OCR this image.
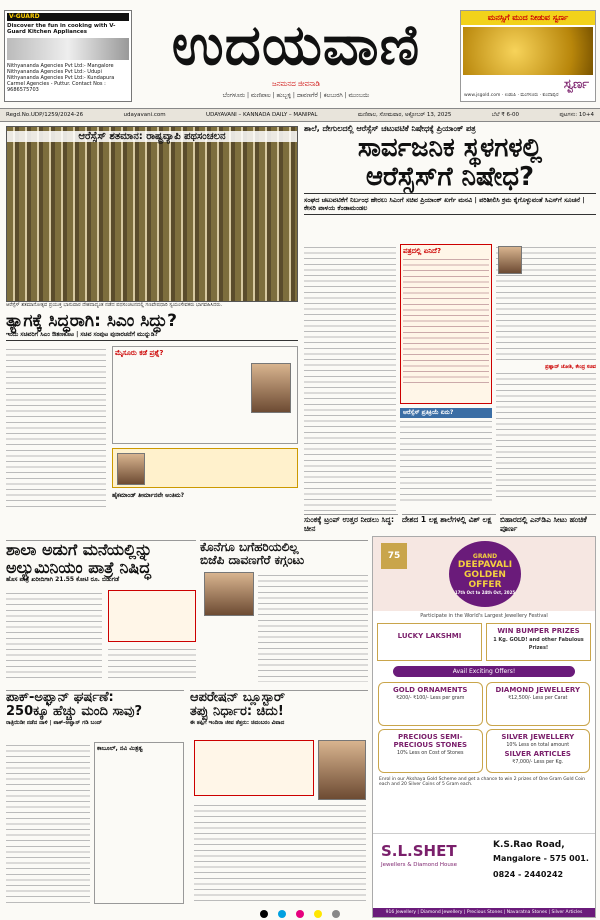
V-GUARD
Discover the fun in cooking with V-Guard Kitchen Appliances
Nithyananda Agencies Pvt Ltd:- Mangalore
Nithyananda Agencies Pvt Ltd:- Udupi
Nithyananda Agencies Pvt Ltd:- Kundapura
Carmel Agencies - Puttur. Contact Nos : 9686575703
ಉದಯವಾಣಿ
ಜನಮನದ ಜೀವನಾಡಿ
ಬೆಂಗಳೂರು | ಮಣಿಪಾಲ | ಹುಬ್ಬಳ್ಳಿ | ದಾವಣಗೆರೆ | ಕಲಬುರಗಿ | ಮುಂಬಯಿ
ಮನಸ್ಸಿಗೆ ಮುದ ನೀಡುವ ಸ್ವರ್ಣ
ಸ್ವರ್ಣ
www.jsgold.com · ಉಡುಪಿ · ಮಂಗಳೂರು · ಕುಂದಾಪುರ
Regd.No.UDP/1259/2024-26	udayavani.com	UDAYAVANI – KANNADA DAILY – MANIPAL	ಮಣಿಪಾಲ, ಸೋಮವಾರ, ಅಕ್ಟೋಬರ್ 13, 2025	ಬೆಲೆ ₹ 6-00	ಪುಟಗಳು: 10+4
ಆರೆಸ್ಸೆಸ್ ಶತಮಾನ: ರಾಷ್ಟ್ರವ್ಯಾಪಿ ಪಥಸಂಚಲನ
ಆರೆಸ್ಸೆಸ್ ಶತಮಾನೋತ್ಸವ ಪ್ರಯುಕ್ತ ಭಾನುವಾರ ದೇಶದಾದ್ಯಂತ ನಡೆದ ಪಥಸಂಚಲನದಲ್ಲಿ ಗಣವೇಷಧಾರಿ ಸ್ವಯಂಸೇವಕರು ಭಾಗವಹಿಸಿದರು.
ಶಾಲೆ, ದೇಗುಲದಲ್ಲಿ ಆರೆಸ್ಸೆಸ್ ಚಟುವಟಿಕೆ ನಿಷೇಧಕ್ಕೆ ಪ್ರಿಯಾಂಕ್ ಪತ್ರ
ಸಾರ್ವಜನಿಕ ಸ್ಥಳಗಳಲ್ಲಿ
ಆರೆಸ್ಸೆಸ್‌ಗೆ ನಿಷೇಧ?
ಸಂಘದ ಚಟುವಟಿಕೆಗೆ ನಿರ್ಬಂಧ ಹೇರಲು ಸಿಎಂಗೆ ಸಚಿವ ಪ್ರಿಯಾಂಕ್ ಖರ್ಗೆ ಮನವಿ | ಪರಿಶೀಲಿಸಿ ಕ್ರಮ ಕೈಗೊಳ್ಳುವಂತೆ ಸಿಎಸ್‌ಗೆ ಸೂಚನೆ | ಕೇಸರಿ ಪಾಳಯ ಕೆಂಡಾಮಂಡಲ
ಪತ್ರದಲ್ಲಿ ಏನಿದೆ?
ಆರೆಸ್ಸೆಸ್ ಪ್ರತಿಕ್ರಿಯೆ ಏನು?
ಪ್ರಹ್ಲಾದ್ ಜೋಶಿ, ಕೇಂದ್ರ ಸಚಿವ
ತ್ಯಾಗಕ್ಕೆ ಸಿದ್ಧರಾಗಿ: ಸಿಎಂ ಸಿದ್ದು?
ಇಂದು ಸಚಿವರಿಗೆ ಸಿಎಂ ಔತಣಕೂಟ | ಸಚಿವ ಸಂಪುಟ ಪುನಾರಚನೆಗೆ ಮುನ್ನುಡಿ?
ಮೈಸೂರು ಕಡೆ ಪ್ರಶ್ನೆ?
ಹೈಕಮಾಂಡ್ ತೀರ್ಮಾನವೇ ಅಂತಿಮ?
ಸುಂಕಕ್ಕೆ ಟ್ರಂಪ್ ಉತ್ತರ ನೀಡಲು ಸಿದ್ಧ: ಚೀನ
ದೇಶದ 1 ಲಕ್ಷ ಶಾಲೆಗಳಲ್ಲಿ ವಿಶ್ ಲಕ್ಷ	ಬಿಹಾರದಲ್ಲಿ ಎನ್‌ಡಿಎ ಸೀಟು ಹಂಚಿಕೆ ಪೂರ್ಣ
ಶಾಲಾ ಅಡುಗೆ ಮನೆಯಲ್ಲಿನ್ನು
ಅಲ್ಯುಮಿನಿಯಂ ಪಾತ್ರೆ ನಿಷಿದ್ಧ
ಹೊಸ ಪಾತ್ರೆ ಖರೀದಿಗಾಗಿ 21.55 ಕೋಟಿ ರೂ. ಬಿಡುಗಡೆ
ಕೊನೆಗೂ ಬಗೆಹರಿಯಲಿಲ್ಲ
ಬಿಜೆಪಿ ದಾವಣಗೆರೆ ಕಗ್ಗಂಟು
ಪಾಕ್-ಅಫ್ಘಾನ್ ಘರ್ಷಣೆ:
250ಕ್ಕೂ ಹೆಚ್ಚು ಮಂದಿ ಸಾವು?
ರಾತ್ರಿಯಿಡೀ ನಡೆದ ದಾಳಿ | ಪಾಕ್-ಅಫ್ಘಾನ್ ಗಡಿ ಬಂದ್
ಕಾಬೂಲ್, ನವಿ ಮಿತ್ರತ್ವ
ಆಪರೇಷನ್ ಬ್ಲೂಸ್ಟಾರ್
ತಪ್ಪು ನಿರ್ಧಾರ: ಚಿದು!
ಈ ತಪ್ಪಿಗೆ ಇಂದಿರಾ ಜೀವ ತೆತ್ತರು: ಚಿದಂಬರಂ ವಿವಾದ
75	GRAND
DEEPAVALI
GOLDEN
OFFER
17th Oct to 24th Oct, 2025
Participate in the World's Largest Jewellery Festival
LUCKY LAKSHMI
WIN BUMPER PRIZES
1 Kg. GOLD! and other Fabulous Prizes!
Avail Exciting Offers!
GOLD ORNAMENTS
₹200/- ₹100/- Less per gram
DIAMOND JEWELLERY
₹12,500/- Less per Carat
PRECIOUS SEMI-PRECIOUS STONES
10% Less on Cost of Stones
SILVER JEWELLERY
10% Less on total amount
SILVER ARTICLES
₹7,000/- Less per Kg.
Enrol in our Akshaya Gold Scheme and get a chance to win 2 prizes of One Gram Gold Coin each and 20 Silver Coins of 5 Gram each.
S.L.SHET
Jewellers & Diamond House
K.S.Rao Road,
Mangalore - 575 001.
0824 - 2440242
916 Jewellery | Diamond Jewellery | Precious Stones | Navaratna Stones | Silver Articles
